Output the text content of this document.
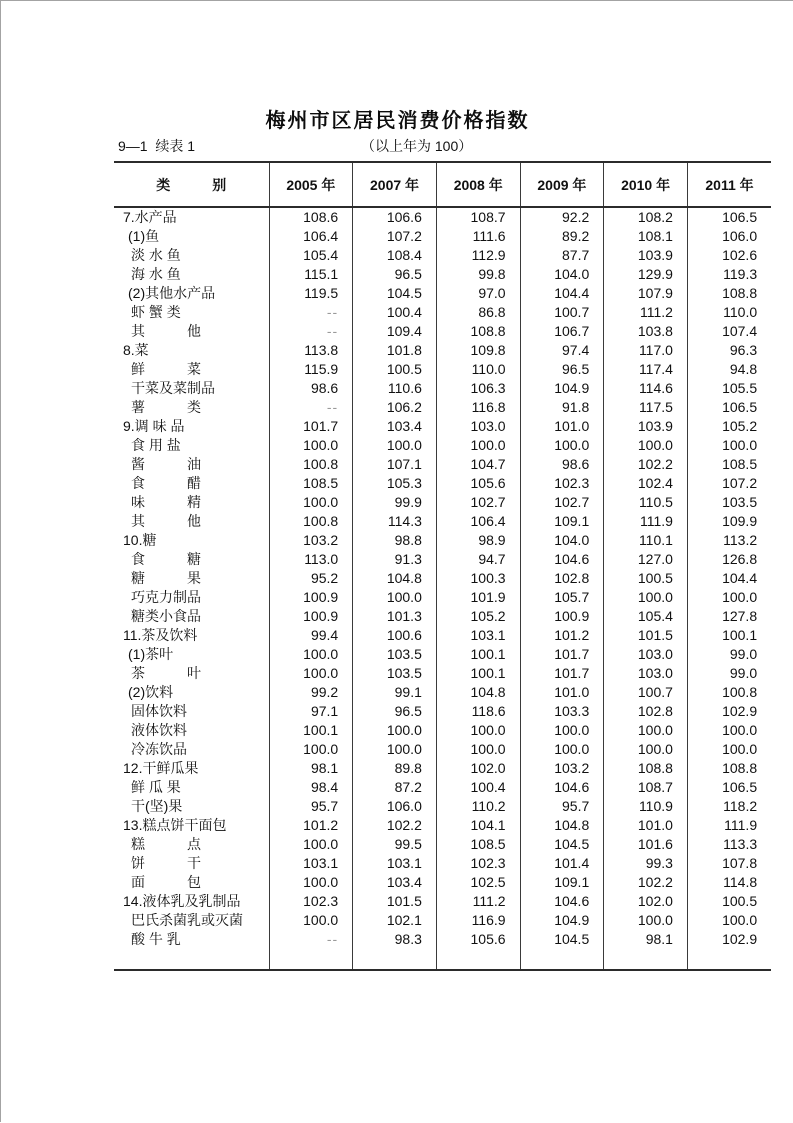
梅州市区居民消费价格指数
9—1  续表 1	（以上年为 100）
类　　　别	2005 年	2007 年	2008 年	2009 年	2010 年	2011 年
7.水产品	108.6	106.6	108.7	92.2	108.2	106.5
(1)鱼	106.4	107.2	111.6	89.2	108.1	106.0
淡 水 鱼	105.4	108.4	112.9	87.7	103.9	102.6
海 水 鱼	115.1	96.5	99.8	104.0	129.9	119.3
(2)其他水产品	119.5	104.5	97.0	104.4	107.9	108.8
虾 蟹 类	--	100.4	86.8	100.7	111.2	110.0
其　　　他	--	109.4	108.8	106.7	103.8	107.4
8.菜	113.8	101.8	109.8	97.4	117.0	96.3
鲜　　　菜	115.9	100.5	110.0	96.5	117.4	94.8
干菜及菜制品	98.6	110.6	106.3	104.9	114.6	105.5
薯　　　类	--	106.2	116.8	91.8	117.5	106.5
9.调 味 品	101.7	103.4	103.0	101.0	103.9	105.2
食 用 盐	100.0	100.0	100.0	100.0	100.0	100.0
酱　　　油	100.8	107.1	104.7	98.6	102.2	108.5
食　　　醋	108.5	105.3	105.6	102.3	102.4	107.2
味　　　精	100.0	99.9	102.7	102.7	110.5	103.5
其　　　他	100.8	114.3	106.4	109.1	111.9	109.9
10.糖	103.2	98.8	98.9	104.0	110.1	113.2
食　　　糖	113.0	91.3	94.7	104.6	127.0	126.8
糖　　　果	95.2	104.8	100.3	102.8	100.5	104.4
巧克力制品	100.9	100.0	101.9	105.7	100.0	100.0
糖类小食品	100.9	101.3	105.2	100.9	105.4	127.8
11.茶及饮料	99.4	100.6	103.1	101.2	101.5	100.1
(1)茶叶	100.0	103.5	100.1	101.7	103.0	99.0
茶　　　叶	100.0	103.5	100.1	101.7	103.0	99.0
(2)饮料	99.2	99.1	104.8	101.0	100.7	100.8
固体饮料	97.1	96.5	118.6	103.3	102.8	102.9
液体饮料	100.1	100.0	100.0	100.0	100.0	100.0
冷冻饮品	100.0	100.0	100.0	100.0	100.0	100.0
12.干鲜瓜果	98.1	89.8	102.0	103.2	108.8	108.8
鲜 瓜 果	98.4	87.2	100.4	104.6	108.7	106.5
干(坚)果	95.7	106.0	110.2	95.7	110.9	118.2
13.糕点饼干面包	101.2	102.2	104.1	104.8	101.0	111.9
糕　　　点	100.0	99.5	108.5	104.5	101.6	113.3
饼　　　干	103.1	103.1	102.3	101.4	99.3	107.8
面　　　包	100.0	103.4	102.5	109.1	102.2	114.8
14.液体乳及乳制品	102.3	101.5	111.2	104.6	102.0	100.5
巴氏杀菌乳或灭菌	100.0	102.1	116.9	104.9	100.0	100.0
酸 牛 乳	--	98.3	105.6	104.5	98.1	102.9
